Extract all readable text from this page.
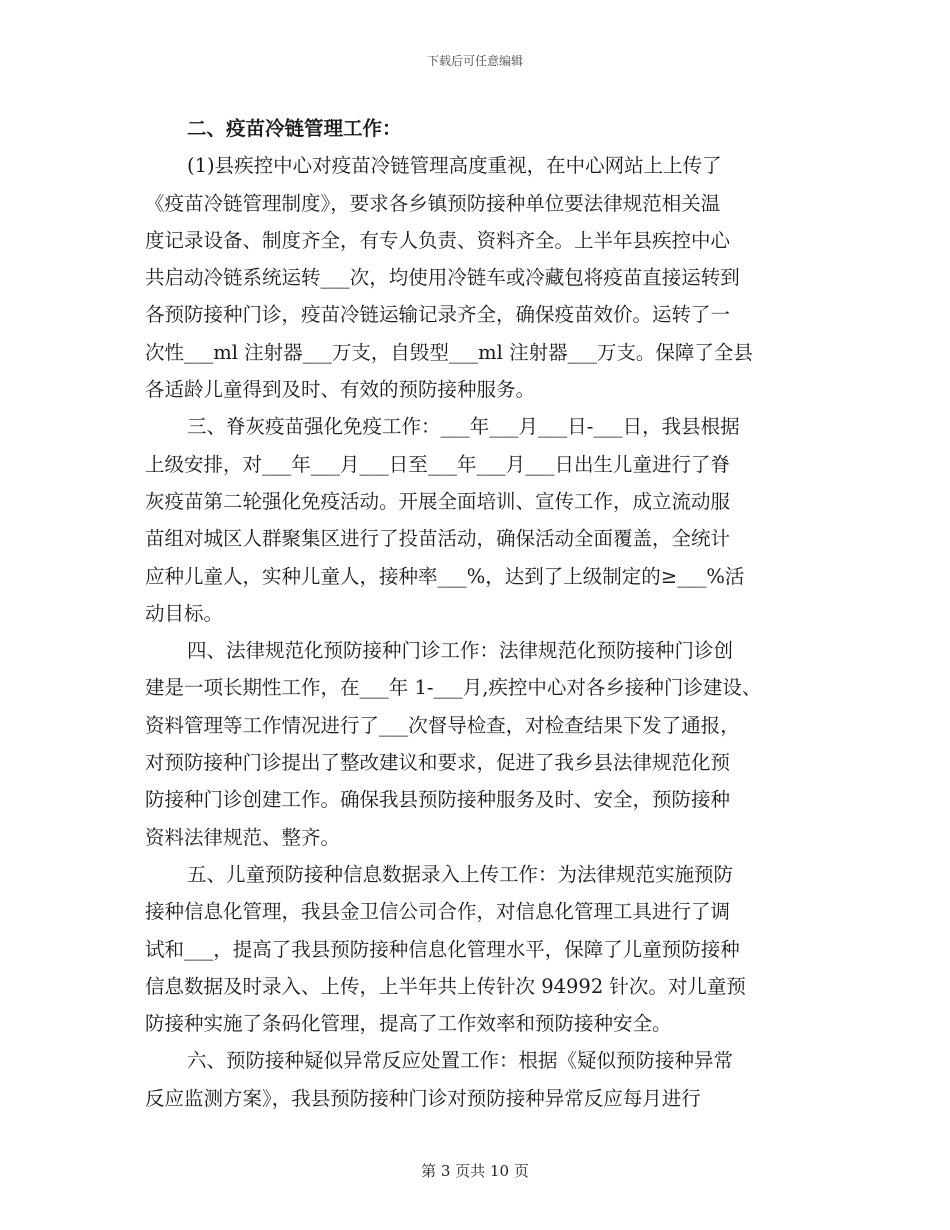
下载后可任意编辑
二、疫苗冷链管理工作：
(1)县疾控中心对疫苗冷链管理高度重视，在中心网站上上传了
《疫苗冷链管理制度》，要求各乡镇预防接种单位要法律规范相关温
度记录设备、制度齐全，有专人负责、资料齐全。上半年县疾控中心
共启动冷链系统运转___次，均使用冷链车或冷藏包将疫苗直接运转到
各预防接种门诊，疫苗冷链运输记录齐全，确保疫苗效价。运转了一
次性___ml 注射器___万支，自毁型___ml 注射器___万支。保障了全县
各适龄儿童得到及时、有效的预防接种服务。
三、脊灰疫苗强化免疫工作：___年___月___日-___日，我县根据
上级安排，对___年___月___日至___年___月___日出生儿童进行了脊
灰疫苗第二轮强化免疫活动。开展全面培训、宣传工作，成立流动服
苗组对城区人群聚集区进行了投苗活动，确保活动全面覆盖，全统计
应种儿童人，实种儿童人，接种率___%，达到了上级制定的≥___%活
动目标。
四、法律规范化预防接种门诊工作：法律规范化预防接种门诊创
建是一项长期性工作，在___年 1-___月,疾控中心对各乡接种门诊建设、
资料管理等工作情况进行了___次督导检查，对检查结果下发了通报，
对预防接种门诊提出了整改建议和要求，促进了我乡县法律规范化预
防接种门诊创建工作。确保我县预防接种服务及时、安全，预防接种
资料法律规范、整齐。
五、儿童预防接种信息数据录入上传工作：为法律规范实施预防
接种信息化管理，我县金卫信公司合作，对信息化管理工具进行了调
试和___，提高了我县预防接种信息化管理水平，保障了儿童预防接种
信息数据及时录入、上传，上半年共上传针次 94992 针次。对儿童预
防接种实施了条码化管理，提高了工作效率和预防接种安全。
六、预防接种疑似异常反应处置工作：根据《疑似预防接种异常
反应监测方案》，我县预防接种门诊对预防接种异常反应每月进行
第 3 页共 10 页
